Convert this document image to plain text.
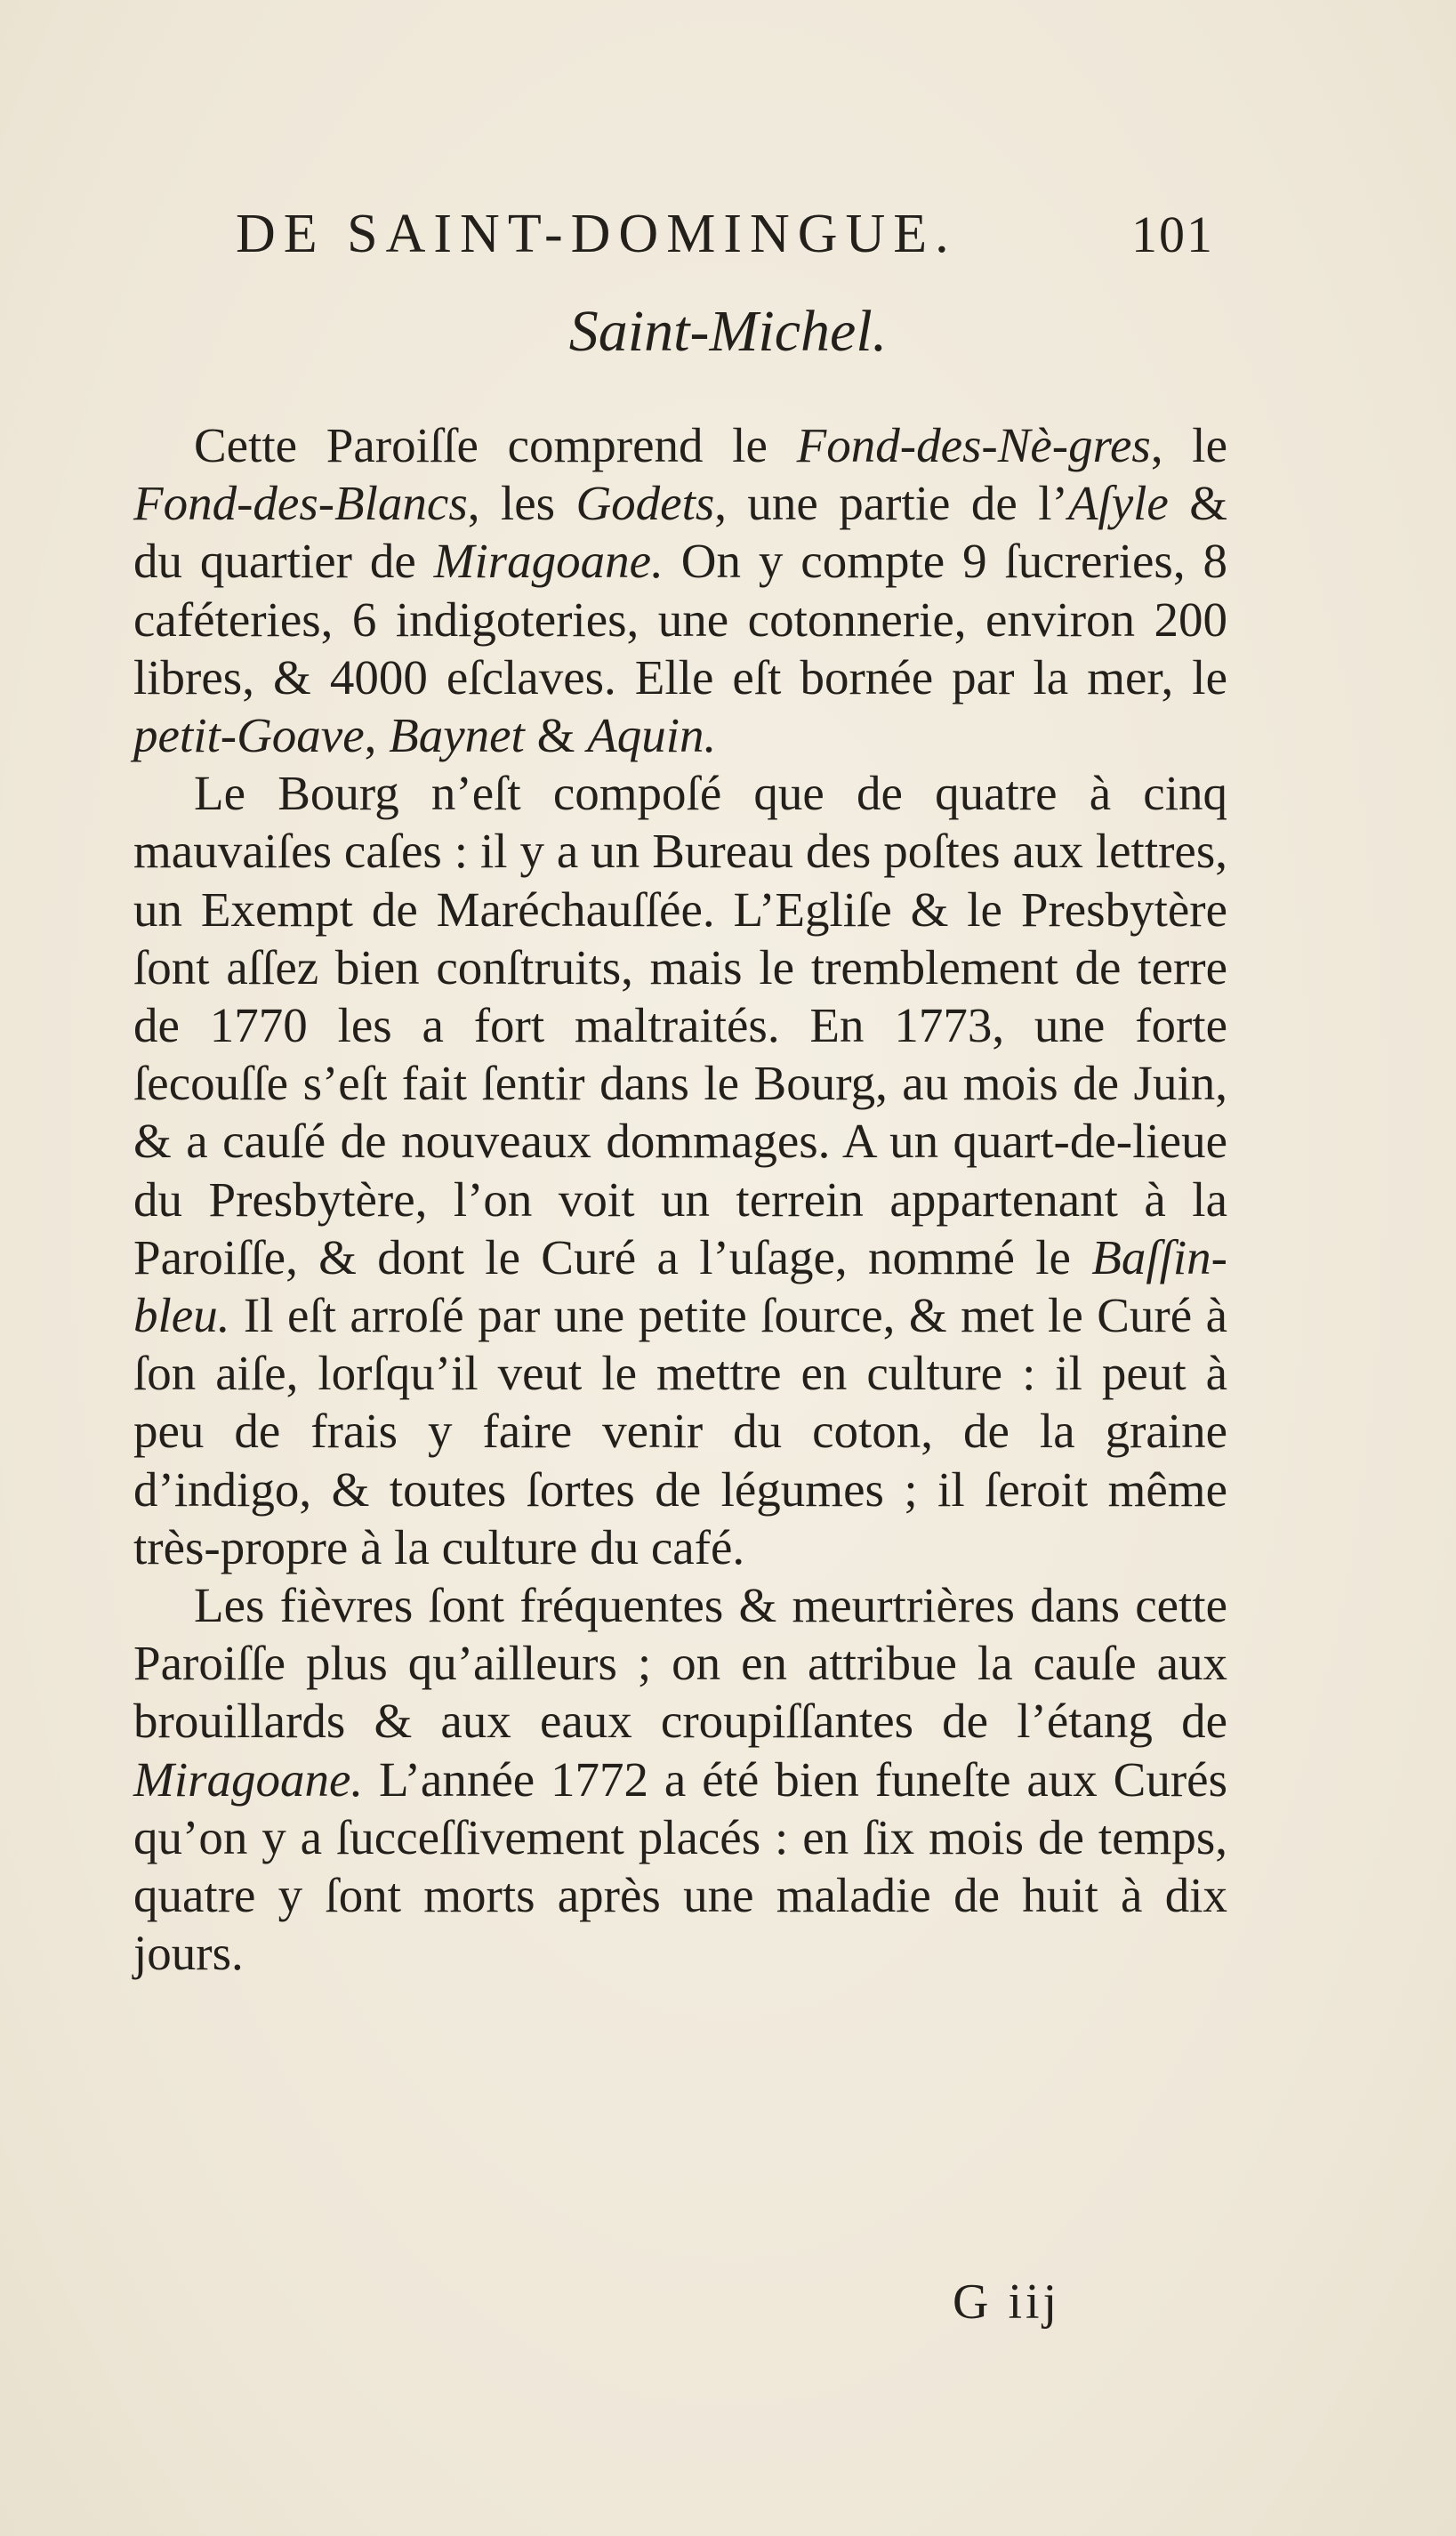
DE SAINT-DOMINGUE.	101
Saint-Michel.

Cette Paroiſſe comprend le Fond-des-Nè-gres, le Fond-des-Blancs, les Godets, une partie de l’Aſyle & du quartier de Miragoane. On y compte 9 ſucreries, 8 caféteries, 6 indigoteries, une cotonnerie, environ 200 libres, & 4000 eſclaves. Elle eſt bornée par la mer, le petit-Goave, Baynet & Aquin.

Le Bourg n’eſt compoſé que de quatre à cinq mauvaiſes caſes : il y a un Bureau des poſtes aux lettres, un Exempt de Maréchauſſée. L’Egliſe & le Presbytère ſont aſſez bien conſtruits, mais le tremblement de terre de 1770 les a fort maltraités. En 1773, une forte ſecouſſe s’eſt fait ſentir dans le Bourg, au mois de Juin, & a cauſé de nouveaux dommages. A un quart-de-lieue du Presbytère, l’on voit un terrein appartenant à la Paroiſſe, & dont le Curé a l’uſage, nommé le Baſſin-bleu. Il eſt arroſé par une petite ſource, & met le Curé à ſon aiſe, lorſqu’il veut le mettre en culture : il peut à peu de frais y faire venir du coton, de la graine d’indigo, & toutes ſortes de légumes ; il ſeroit même très-propre à la culture du café.

Les fièvres ſont fréquentes & meurtrières dans cette Paroiſſe plus qu’ailleurs ; on en attribue la cauſe aux brouillards & aux eaux croupiſſantes de l’étang de Miragoane. L’année 1772 a été bien funeſte aux Curés qu’on y a ſucceſſivement placés : en ſix mois de temps, quatre y ſont morts après une maladie de huit à dix jours.

G iij
